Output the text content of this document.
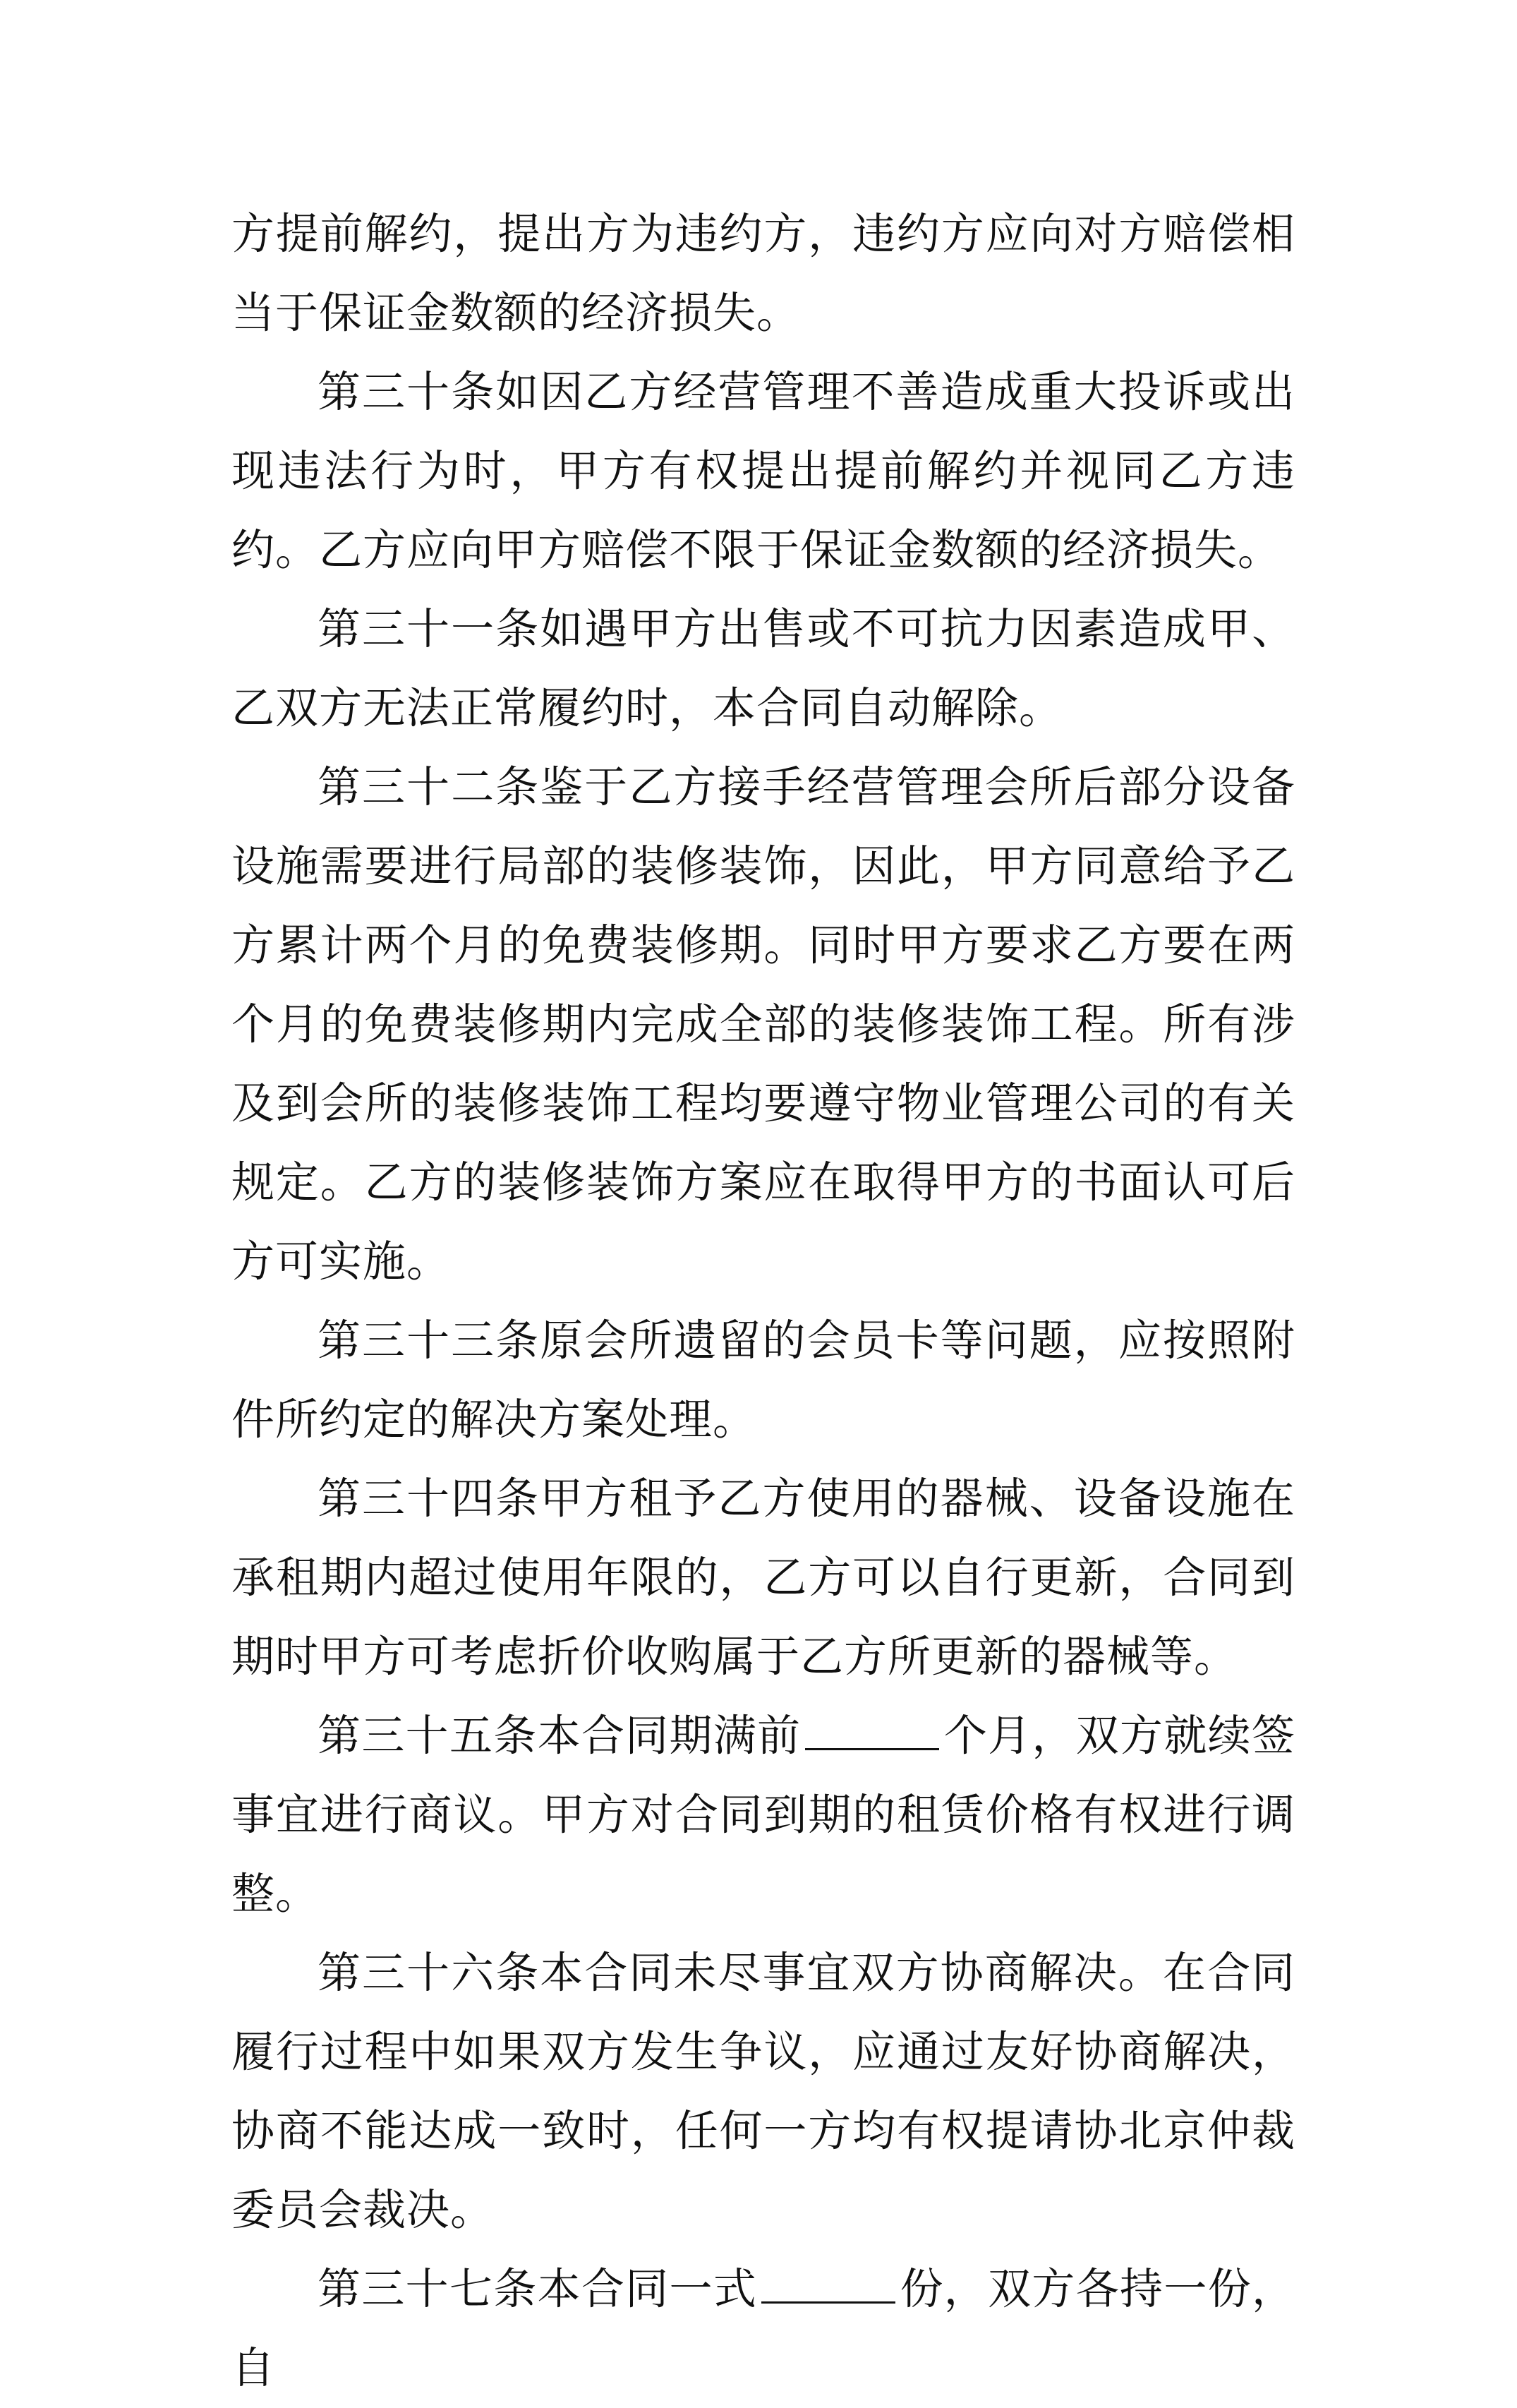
方提前解约，提出方为违约方，违约方应向对方赔偿相当于保证金数额的经济损失。

第三十条如因乙方经营管理不善造成重大投诉或出现违法行为时，甲方有权提出提前解约并视同乙方违约。乙方应向甲方赔偿不限于保证金数额的经济损失。

第三十一条如遇甲方出售或不可抗力因素造成甲、乙双方无法正常履约时，本合同自动解除。

第三十二条鉴于乙方接手经营管理会所后部分设备设施需要进行局部的装修装饰，因此，甲方同意给予乙方累计两个月的免费装修期。同时甲方要求乙方要在两个月的免费装修期内完成全部的装修装饰工程。所有涉及到会所的装修装饰工程均要遵守物业管理公司的有关规定。乙方的装修装饰方案应在取得甲方的书面认可后方可实施。

第三十三条原会所遗留的会员卡等问题，应按照附件所约定的解决方案处理。

第三十四条甲方租予乙方使用的器械、设备设施在承租期内超过使用年限的，乙方可以自行更新，合同到期时甲方可考虑折价收购属于乙方所更新的器械等。

第三十五条本合同期满前	个月，双方就续签事宜进行商议。甲方对合同到期的租赁价格有权进行调整。

第三十六条本合同未尽事宜双方协商解决。在合同履行过程中如果双方发生争议，应通过友好协商解决，协商不能达成一致时，任何一方均有权提请协北京仲裁委员会裁决。

第三十七条本合同一式	份，双方各持一份，自
